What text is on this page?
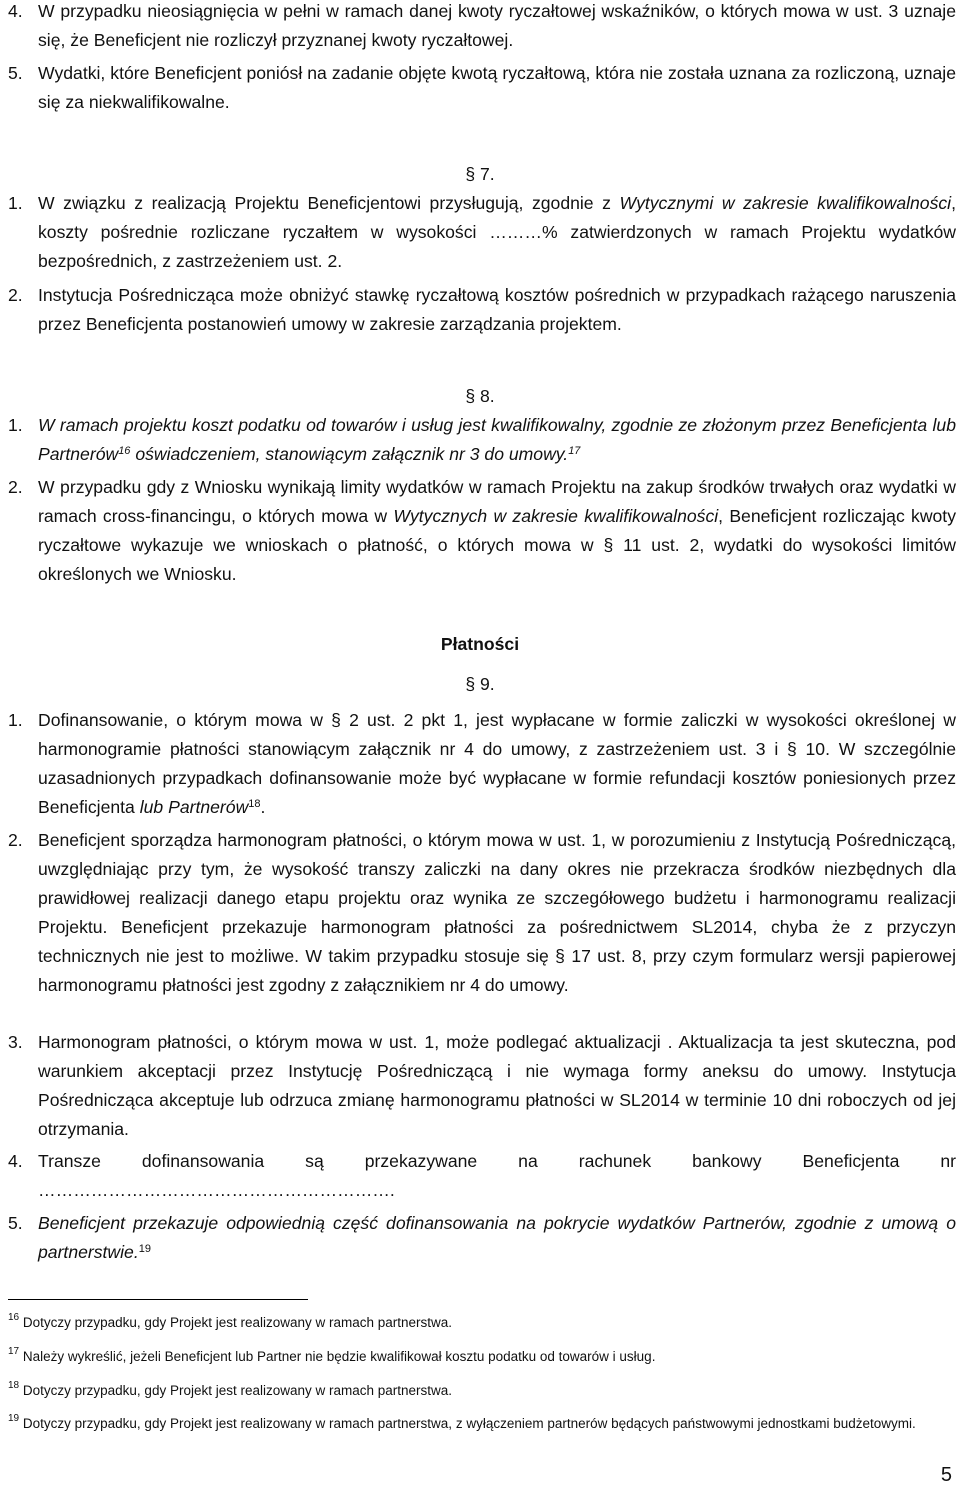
4. W przypadku nieosiągnięcia w pełni w ramach danej kwoty ryczałtowej wskaźników, o których mowa w ust. 3 uznaje się, że Beneficjent nie rozliczył przyznanej kwoty ryczałtowej.
5. Wydatki, które Beneficjent poniósł na zadanie objęte kwotą ryczałtową, która nie została uznana za rozliczoną, uznaje się za niekwalifikowalne.
§ 7.
1. W związku z realizacją Projektu Beneficjentowi przysługują, zgodnie z Wytycznymi w zakresie kwalifikowalności, koszty pośrednie rozliczane ryczałtem w wysokości ………% zatwierdzonych w ramach Projektu wydatków bezpośrednich, z zastrzeżeniem ust. 2.
2. Instytucja Pośrednicząca może obniżyć stawkę ryczałtową kosztów pośrednich w przypadkach rażącego naruszenia przez Beneficjenta postanowień umowy w zakresie zarządzania projektem.
§ 8.
1. W ramach projektu koszt podatku od towarów i usług jest kwalifikowalny, zgodnie ze złożonym przez Beneficjenta lub Partnerów$^{16}$ oświadczeniem, stanowiącym załącznik nr 3 do umowy.$^{17}$
2. W przypadku gdy z Wniosku wynikają limity wydatków w ramach Projektu na zakup środków trwałych oraz wydatki w ramach cross-financingu, o których mowa w Wytycznych w zakresie kwalifikowalności, Beneficjent rozliczając kwoty ryczałtowe wykazuje we wnioskach o płatność, o których mowa w § 11 ust. 2, wydatki do wysokości limitów określonych we Wniosku.
Płatności
§ 9.
1. Dofinansowanie, o którym mowa w § 2 ust. 2 pkt 1, jest wypłacane w formie zaliczki w wysokości określonej w harmonogramie płatności stanowiącym załącznik nr 4 do umowy, z zastrzeżeniem ust. 3 i § 10. W szczególnie uzasadnionych przypadkach dofinansowanie może być wypłacane w formie refundacji kosztów poniesionych przez Beneficjenta lub Partnerów$^{18}$.
2. Beneficjent sporządza harmonogram płatności, o którym mowa w ust. 1, w porozumieniu z Instytucją Pośredniczącą, uwzględniając przy tym, że wysokość transzy zaliczki na dany okres nie przekracza środków niezbędnych dla prawidłowej realizacji danego etapu projektu oraz wynika ze szczegółowego budżetu i harmonogramu realizacji Projektu. Beneficjent przekazuje harmonogram płatności za pośrednictwem SL2014, chyba że z przyczyn technicznych nie jest to możliwe. W takim przypadku stosuje się § 17 ust. 8, przy czym formularz wersji papierowej harmonogramu płatności jest zgodny z załącznikiem nr 4 do umowy.
3. Harmonogram płatności, o którym mowa w ust. 1, może podlegać aktualizacji . Aktualizacja ta jest skuteczna, pod warunkiem akceptacji przez Instytucję Pośredniczącą i nie wymaga formy aneksu do umowy. Instytucja Pośrednicząca akceptuje lub odrzuca zmianę harmonogramu płatności w SL2014 w terminie 10 dni roboczych od jej otrzymania.
4. Transze dofinansowania są przekazywane na rachunek bankowy Beneficjenta nr …………………………………………………….
5. Beneficjent przekazuje odpowiednią część dofinansowania na pokrycie wydatków Partnerów, zgodnie z umową o partnerstwie.$^{19}$
$^{16}$ Dotyczy przypadku, gdy Projekt jest realizowany w ramach partnerstwa.
$^{17}$ Należy wykreślić, jeżeli Beneficjent lub Partner nie będzie kwalifikował kosztu podatku od towarów i usług.
$^{18}$ Dotyczy przypadku, gdy Projekt jest realizowany w ramach partnerstwa.
$^{19}$ Dotyczy przypadku, gdy Projekt jest realizowany w ramach partnerstwa, z wyłączeniem partnerów będących państwowymi jednostkami budżetowymi.
5
